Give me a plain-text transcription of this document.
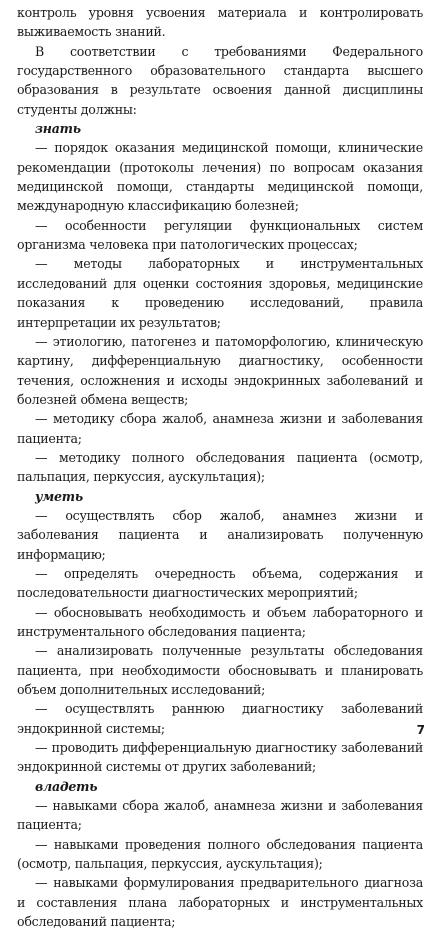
контроль уровня усвоения материала и контролировать выживаемость знаний.

В соответствии с требованиями Федерального государственного образовательного стандарта высшего образования в результате освоения данной дисциплины студенты должны:

знать

— порядок оказания медицинской помощи, клинические рекомендации (протоколы лечения) по вопросам оказания медицинской помощи, стандарты медицинской помощи, международную классификацию болезней;

— особенности регуляции функциональных систем организма человека при патологических процессах;

— методы лабораторных и инструментальных исследований для оценки состояния здоровья, медицинские показания к проведению исследований, правила интерпретации их результатов;

— этиологию, патогенез и патоморфологию, клиническую картину, дифференциальную диагностику, особенности течения, осложнения и исходы эндокринных заболеваний и болезней обмена веществ;

— методику сбора жалоб, анамнеза жизни и заболевания пациента;

— методику полного обследования пациента (осмотр, пальпация, перкуссия, аускультация);

уметь

— осуществлять сбор жалоб, анамнез жизни и заболевания пациента и анализировать полученную информацию;

— определять очередность объема, содержания и последовательности диагностических мероприятий;

— обосновывать необходимость и объем лабораторного и инструментального обследования пациента;

— анализировать полученные результаты обследования пациента, при необходимости обосновывать и планировать объем дополнительных исследований;

— осуществлять раннюю диагностику заболеваний эндокринной системы;

— проводить дифференциальную диагностику заболеваний эндокринной системы от других заболеваний;

владеть

— навыками сбора жалоб, анамнеза жизни и заболевания пациента;

— навыками проведения полного обследования пациента (осмотр, пальпация, перкуссия, аускультация);

— навыками формулирования предварительного диагноза и составления плана лабораторных и инструментальных обследований пациента;

7
